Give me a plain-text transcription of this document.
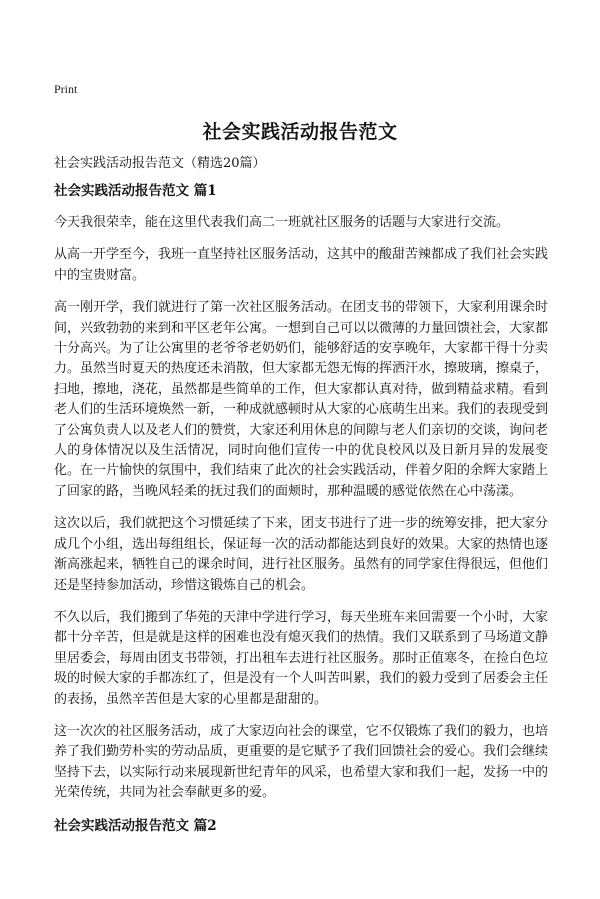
Print
社会实践活动报告范文

社会实践活动报告范文（精选20篇）

社会实践活动报告范文 篇1

今天我很荣幸，能在这里代表我们高二一班就社区服务的话题与大家进行交流。

从高一开学至今，我班一直坚持社区服务活动，这其中的酸甜苦辣都成了我们社会实践中的宝贵财富。

高一刚开学，我们就进行了第一次社区服务活动。在团支书的带领下，大家利用课余时间，兴致勃勃的来到和平区老年公寓。一想到自己可以以微薄的力量回馈社会，大家都十分高兴。为了让公寓里的老爷爷老奶奶们，能够舒适的安享晚年，大家都干得十分卖力。虽然当时夏天的热度还未消散，但大家都无怨无悔的挥洒汗水，擦玻璃，擦桌子，扫地，擦地，浇花，虽然都是些简单的工作，但大家都认真对待，做到精益求精。看到老人们的生活环境焕然一新，一种成就感顿时从大家的心底萌生出来。我们的表现受到了公寓负责人以及老人们的赞赏，大家还利用休息的间隙与老人们亲切的交谈，询问老人的身体情况以及生活情况，同时向他们宣传一中的优良校风以及日新月异的发展变化。在一片愉快的氛围中，我们结束了此次的社会实践活动，伴着夕阳的余辉大家踏上了回家的路，当晚风轻柔的抚过我们的面颊时，那种温暖的感觉依然在心中荡漾。

这次以后，我们就把这个习惯延续了下来，团支书进行了进一步的统筹安排，把大家分成几个小组，选出每组组长，保证每一次的活动都能达到良好的效果。大家的热情也逐渐高涨起来，牺牲自己的课余时间，进行社区服务。虽然有的同学家住得很远，但他们还是坚持参加活动，珍惜这锻炼自己的机会。

不久以后，我们搬到了华苑的天津中学进行学习，每天坐班车来回需要一个小时，大家都十分辛苦，但是就是这样的困难也没有熄灭我们的热情。我们又联系到了马场道文静里居委会，每周由团支书带领，打出租车去进行社区服务。那时正值寒冬，在捡白色垃圾的时候大家的手都冻红了，但是没有一个人叫苦叫累，我们的毅力受到了居委会主任的表扬，虽然辛苦但是大家的心里都是甜甜的。

这一次次的社区服务活动，成了大家迈向社会的课堂，它不仅锻炼了我们的毅力，也培养了我们勤劳朴实的劳动品质，更重要的是它赋予了我们回馈社会的爱心。我们会继续坚持下去，以实际行动来展现新世纪青年的风采，也希望大家和我们一起，发扬一中的光荣传统，共同为社会奉献更多的爱。

社会实践活动报告范文 篇2
